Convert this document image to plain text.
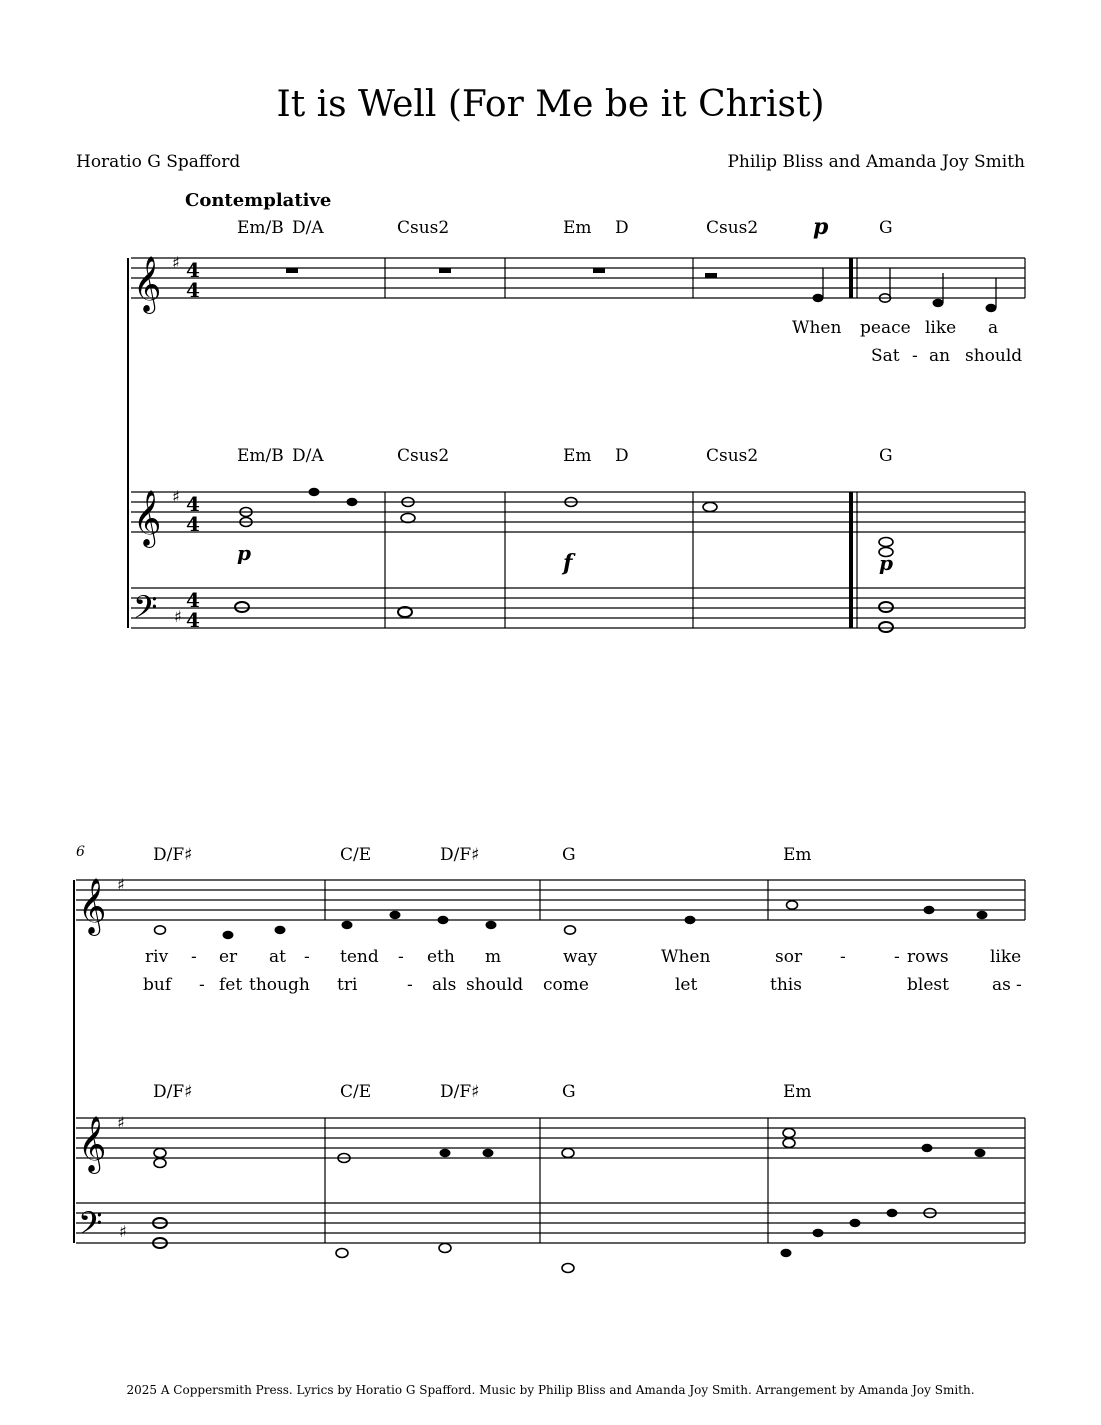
It is Well (For Me be it Christ)
Horatio G Spafford	Philip Bliss and Amanda Joy Smith
Contemplative
Em/B D/A	Csus2	Em D	Csus2	G
Em/B D/A	Csus2	Em D	Csus2	G
When peace like a
Sat - an should
6	D/F♯	C/E	D/F♯	G	Em
D/F♯	C/E	D/F♯	G	Em
riv - er at - tend - eth m	way	When	sor -	- rows like
buf - fet though tri	- als should come	let	this	blest	as -
2025 A Coppersmith Press. Lyrics by Horatio G Spafford. Music by Philip Bliss and Amanda Joy Smith. Arrangement by Amanda Joy Smith.
𝄞
𝄞
𝄢
𝄞
𝄞
𝄢
♯
♯
♯
♯
♯
♯
4
4
4
4
4
4
p
p	f	p
